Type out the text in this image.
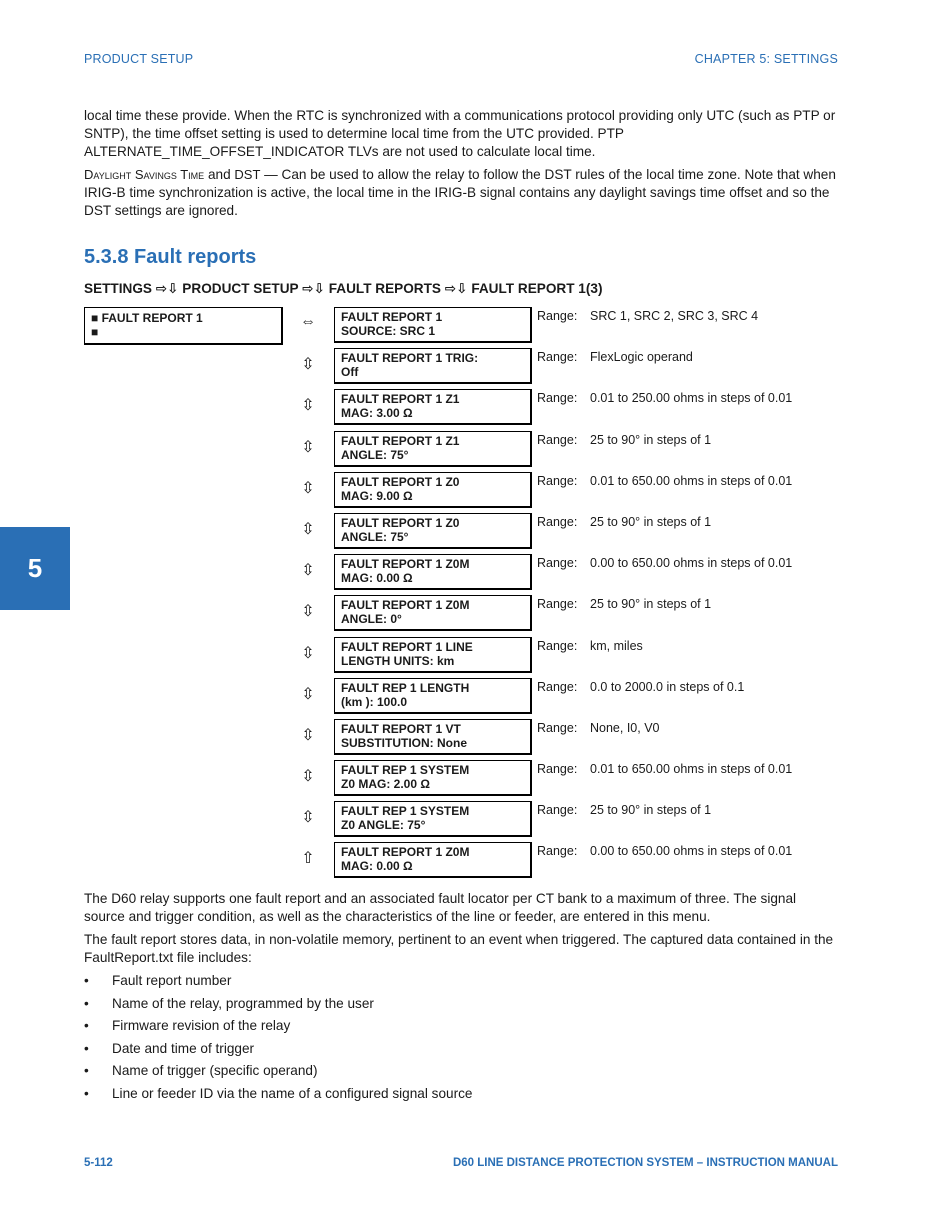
PRODUCT SETUP	CHAPTER 5: SETTINGS
5

local time these provide. When the RTC is synchronized with a communications protocol providing only UTC (such as PTP or SNTP), the time offset setting is used to determine local time from the UTC provided. PTP ALTERNATE_TIME_OFFSET_INDICATOR TLVs are not used to calculate local time.

Daylight Savings Time and DST — Can be used to allow the relay to follow the DST rules of the local time zone. Note that when IRIG-B time synchronization is active, the local time in the IRIG-B signal contains any daylight savings time offset and so the DST settings are ignored.

5.3.8 Fault reports
SETTINGS ⇨⇩ PRODUCT SETUP ⇨⇩ FAULT REPORTS ⇨⇩ FAULT REPORT 1(3)
■ FAULT REPORT 1
■
⇔ FAULT REPORT 1
SOURCE: SRC 1
Range: SRC 1, SRC 2, SRC 3, SRC 4
⇳ FAULT REPORT 1 TRIG:
Off
Range: FlexLogic operand
⇳ FAULT REPORT 1 Z1
MAG: 3.00 Ω
Range: 0.01 to 250.00 ohms in steps of 0.01
⇳ FAULT REPORT 1 Z1
ANGLE: 75°
Range: 25 to 90° in steps of 1
⇳ FAULT REPORT 1 Z0
MAG: 9.00 Ω
Range: 0.01 to 650.00 ohms in steps of 0.01
⇳ FAULT REPORT 1 Z0
ANGLE: 75°
Range: 25 to 90° in steps of 1
⇳ FAULT REPORT 1 Z0M
MAG: 0.00 Ω
Range: 0.00 to 650.00 ohms in steps of 0.01
⇳ FAULT REPORT 1 Z0M
ANGLE: 0°
Range: 25 to 90° in steps of 1
⇳ FAULT REPORT 1 LINE
LENGTH UNITS: km
Range: km, miles
⇳ FAULT REP 1 LENGTH
(km ): 100.0
Range: 0.0 to 2000.0 in steps of 0.1
⇳ FAULT REPORT 1 VT
SUBSTITUTION: None
Range: None, I0, V0
⇳ FAULT REP 1 SYSTEM
Z0 MAG: 2.00 Ω
Range: 0.01 to 650.00 ohms in steps of 0.01
⇳ FAULT REP 1 SYSTEM
Z0 ANGLE: 75°
Range: 25 to 90° in steps of 1
⇧ FAULT REPORT 1 Z0M
MAG: 0.00 Ω
Range: 0.00 to 650.00 ohms in steps of 0.01

The D60 relay supports one fault report and an associated fault locator per CT bank to a maximum of three. The signal source and trigger condition, as well as the characteristics of the line or feeder, are entered in this menu.

The fault report stores data, in non-volatile memory, pertinent to an event when triggered. The captured data contained in the FaultReport.txt file includes:

• Fault report number
• Name of the relay, programmed by the user
• Firmware revision of the relay
• Date and time of trigger
• Name of trigger (specific operand)
• Line or feeder ID via the name of a configured signal source
5-112	D60 LINE DISTANCE PROTECTION SYSTEM – INSTRUCTION MANUAL
